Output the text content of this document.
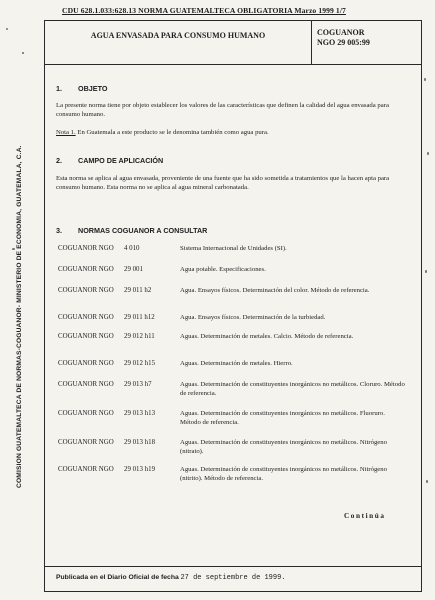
CDU 628.1.033:628.13 NORMA GUATEMALTECA OBLIGATORIA Marzo 1999 1/7
AGUA ENVASADA PARA CONSUMO HUMANO	COGUANOR
NGO 29 005:99
COMISION GUATEMALTECA DE NORMAS-COGUANOR- MINISTERIO DE ECONOMIA, GUATEMALA, C.A.
1. OBJETO
La presente norma tiene por objeto establecer los valores de las características que definen la calidad del agua envasada para consumo humano.
Nota 1. En Guatemala a este producto se le denomina también como agua pura.
2. CAMPO DE APLICACIÓN
Esta norma se aplica al agua envasada, proveniente de una fuente que ha sido sometida a tratamientos que la hacen apta para consumo humano. Esta norma no se aplica al agua mineral carbonatada.
3. NORMAS COGUANOR A CONSULTAR
COGUANOR NGO 4 010	Sistema Internacional de Unidades (SI).
COGUANOR NGO 29 001	Agua potable. Especificaciones.
COGUANOR NGO 29 011 h2	Agua. Ensayos físicos. Determinación del color. Método de referencia.
COGUANOR NGO 29 011 h12	Agua. Ensayos físicos. Determinación de la turbiedad.
COGUANOR NGO 29 012 h11	Aguas. Determinación de metales. Calcio. Método de referencia.
COGUANOR NGO 29 012 h15	Aguas. Determinación de metales. Hierro.
COGUANOR NGO 29 013 h7	Aguas. Determinación de constituyentes inorgánicos no metálicos. Cloruro. Método de referencia.
COGUANOR NGO 29 013 h13	Aguas. Determinación de constituyentes inorgánicos no metálicos. Fluoruro. Método de referencia.
COGUANOR NGO 29 013 h18	Aguas. Determinación de constituyentes inorgánicos no metálicos. Nitrógeno (nitrato).
COGUANOR NGO 29 013 h19	Aguas. Determinación de constituyentes inorgánicos no metálicos. Nitrógeno (nitrito). Método de referencia.
Continúa
Publicada en el Diario Oficial de fecha 27 de septiembre de 1999.
